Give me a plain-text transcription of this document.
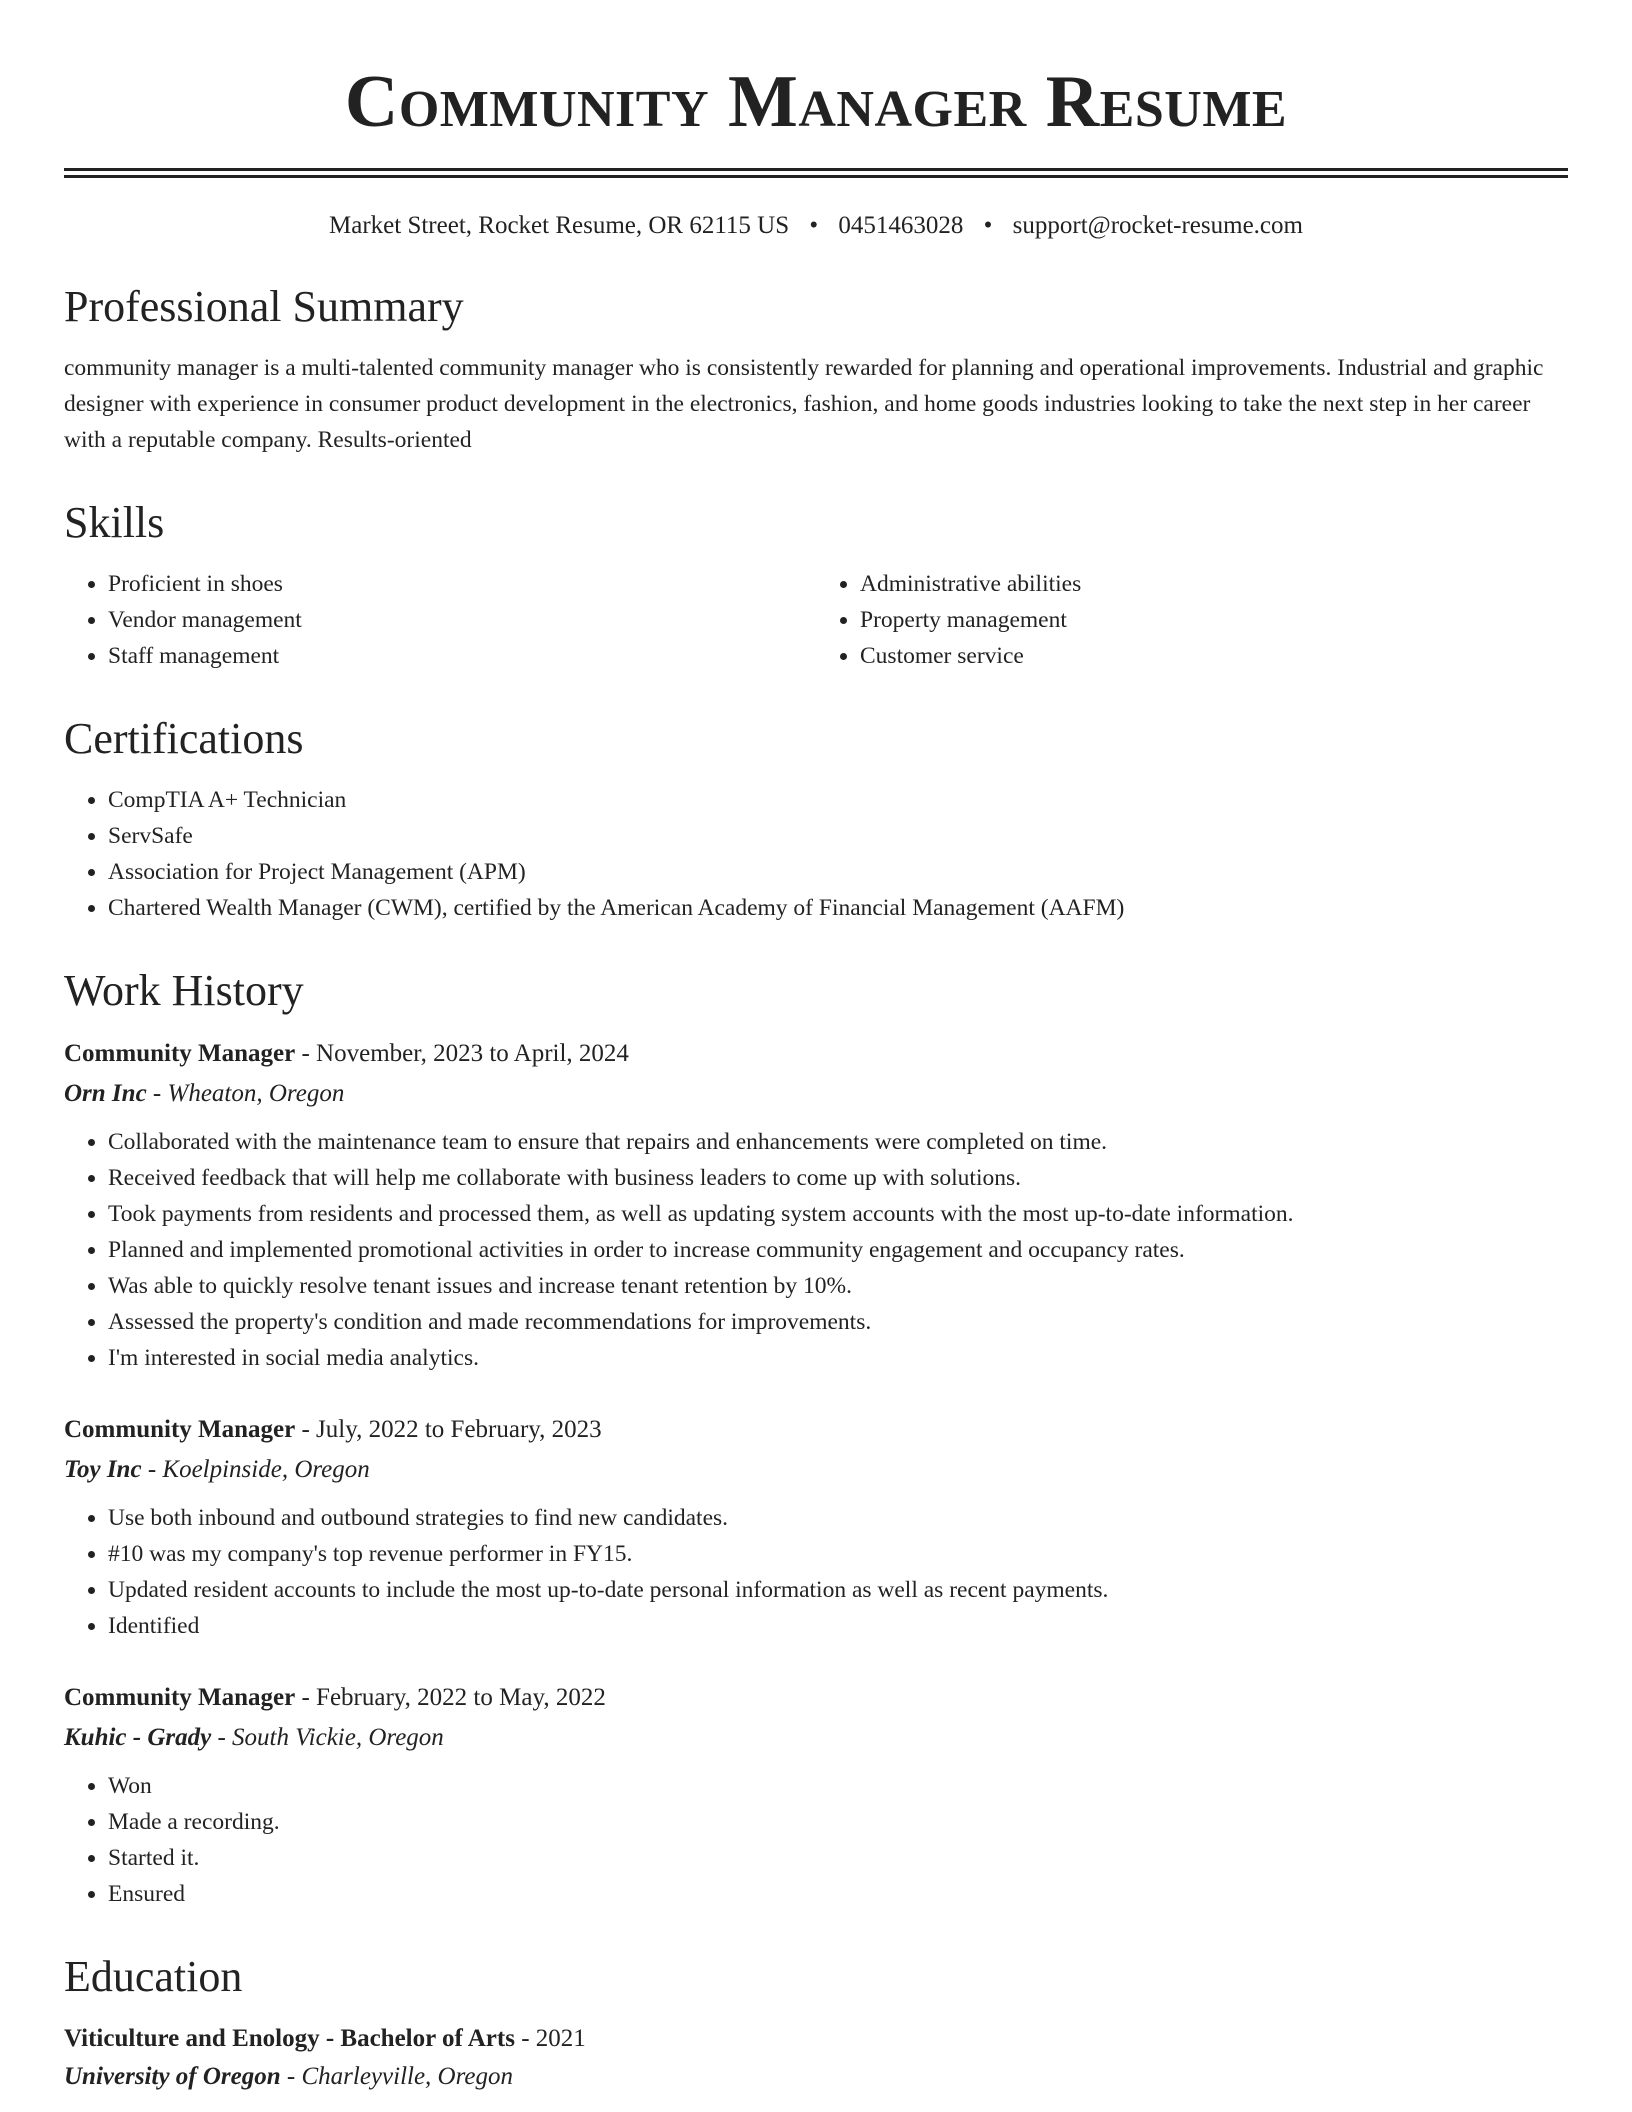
Community Manager Resume
Market Street, Rocket Resume, OR 62115 US • 0451463028 • support@rocket-resume.com
Professional Summary

community manager is a multi-talented community manager who is consistently rewarded for planning and operational improvements. Industrial and graphic designer with experience in consumer product development in the electronics, fashion, and home goods industries looking to take the next step in her career with a reputable company. Results-oriented

Skills
• Proficient in shoes
• Vendor management
• Staff management
• Administrative abilities
• Property management
• Customer service
Certifications
• CompTIA A+ Technician
• ServSafe
• Association for Project Management (APM)
• Chartered Wealth Manager (CWM), certified by the American Academy of Financial Management (AAFM)
Work History
Community Manager - November, 2023 to April, 2024
Orn Inc - Wheaton, Oregon
• Collaborated with the maintenance team to ensure that repairs and enhancements were completed on time.
• Received feedback that will help me collaborate with business leaders to come up with solutions.
• Took payments from residents and processed them, as well as updating system accounts with the most up-to-date information.
• Planned and implemented promotional activities in order to increase community engagement and occupancy rates.
• Was able to quickly resolve tenant issues and increase tenant retention by 10%.
• Assessed the property's condition and made recommendations for improvements.
• I'm interested in social media analytics.
Community Manager - July, 2022 to February, 2023
Toy Inc - Koelpinside, Oregon
• Use both inbound and outbound strategies to find new candidates.
• #10 was my company's top revenue performer in FY15.
• Updated resident accounts to include the most up-to-date personal information as well as recent payments.
• Identified
Community Manager - February, 2022 to May, 2022
Kuhic - Grady - South Vickie, Oregon
• Won
• Made a recording.
• Started it.
• Ensured
Education
Viticulture and Enology - Bachelor of Arts - 2021
University of Oregon - Charleyville, Oregon
